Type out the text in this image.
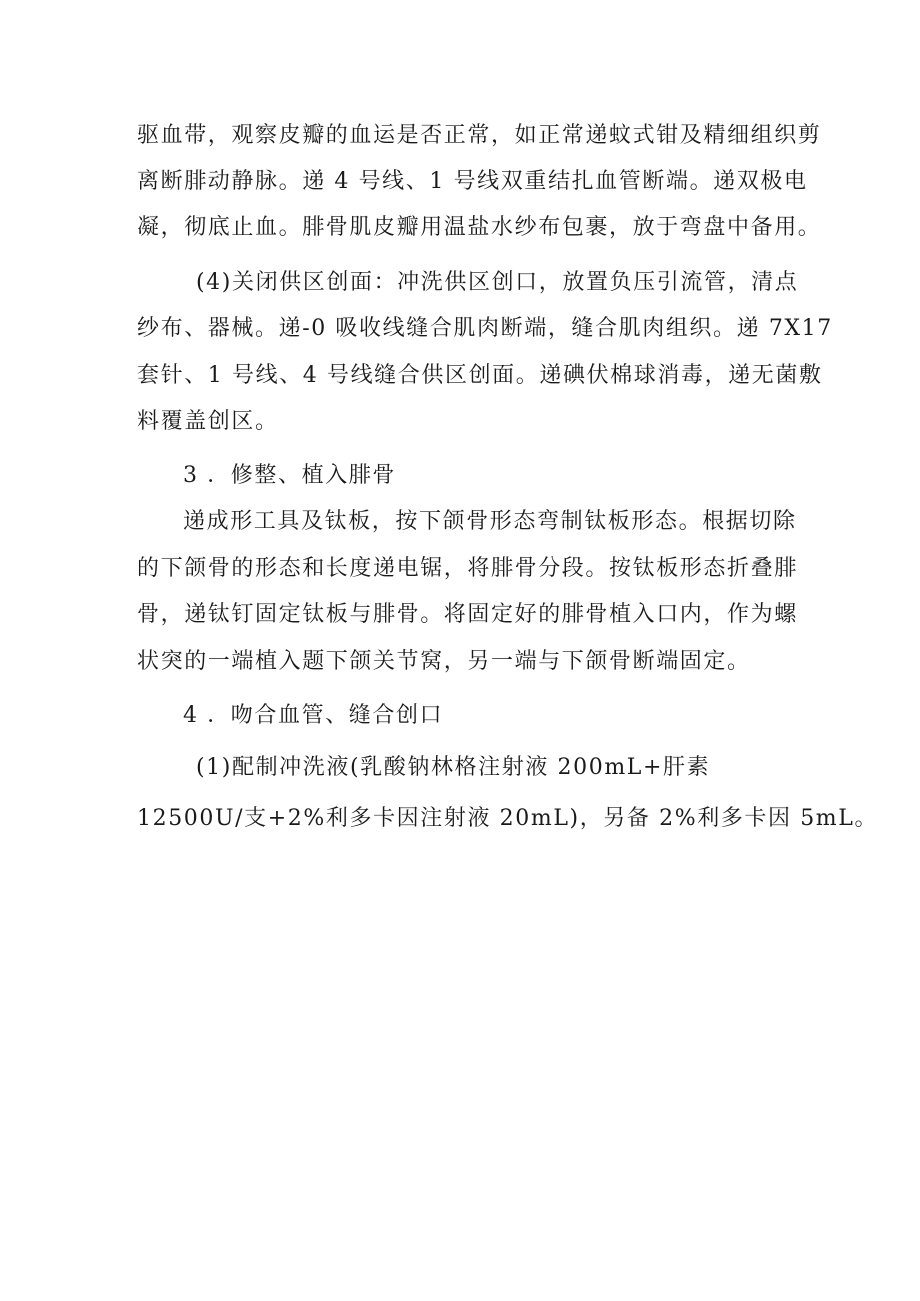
驱血带，观察皮瓣的血运是否正常，如正常递蚊式钳及精细组织剪
离断腓动静脉。递 4 号线、1 号线双重结扎血管断端。递双极电
凝，彻底止血。腓骨肌皮瓣用温盐水纱布包裹，放于弯盘中备用。
(4)关闭供区创面：冲洗供区创口，放置负压引流管，清点
纱布、器械。递-0 吸收线缝合肌肉断端，缝合肌肉组织。递 7X17
套针、1 号线、4 号线缝合供区创面。递碘伏棉球消毒，递无菌敷
料覆盖创区。
3 ．修整、植入腓骨
递成形工具及钛板，按下颌骨形态弯制钛板形态。根据切除
的下颌骨的形态和长度递电锯，将腓骨分段。按钛板形态折叠腓
骨，递钛钉固定钛板与腓骨。将固定好的腓骨植入口内，作为螺
状突的一端植入题下颌关节窝，另一端与下颌骨断端固定。
4 ．吻合血管、缝合创口
(1)配制冲洗液(乳酸钠林格注射液 200mL+肝素
12500U/支+2%利多卡因注射液 20mL)，另备 2%利多卡因 5mL。
